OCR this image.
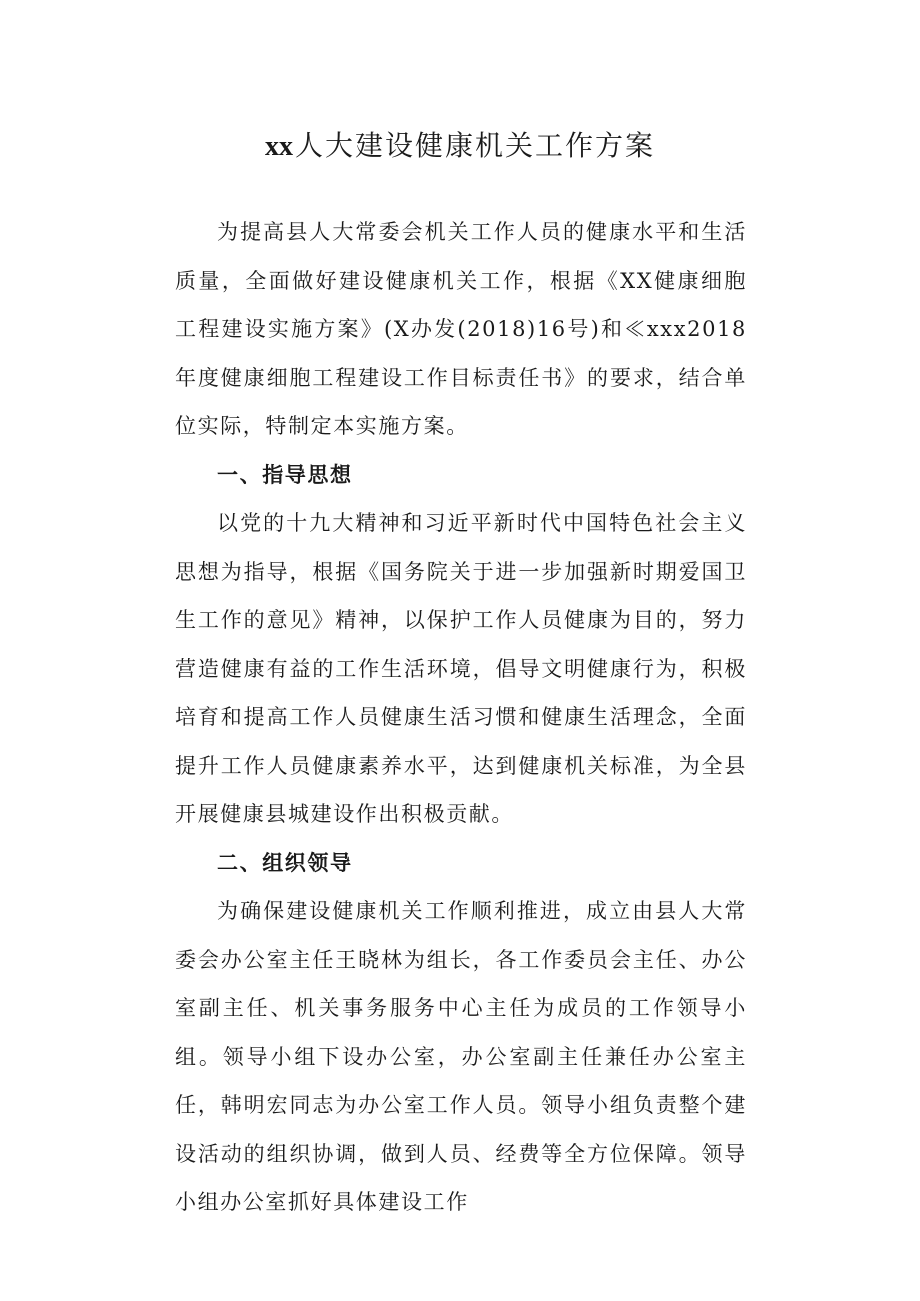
xx人大建设健康机关工作方案

为提高县人大常委会机关工作人员的健康水平和生活质量，全面做好建设健康机关工作，根据《XX健康细胞工程建设实施方案》(X办发(2018)16号)和≪xxx2018年度健康细胞工程建设工作目标责任书》的要求，结合单位实际，特制定本实施方案。

一、指导思想

以党的十九大精神和习近平新时代中国特色社会主义思想为指导，根据《国务院关于进一步加强新时期爱国卫生工作的意见》精神，以保护工作人员健康为目的，努力营造健康有益的工作生活环境，倡导文明健康行为，积极培育和提高工作人员健康生活习惯和健康生活理念，全面提升工作人员健康素养水平，达到健康机关标准，为全县开展健康县城建设作出积极贡献。

二、组织领导

为确保建设健康机关工作顺利推进，成立由县人大常委会办公室主任王晓林为组长，各工作委员会主任、办公室副主任、机关事务服务中心主任为成员的工作领导小组。领导小组下设办公室，办公室副主任兼任办公室主任，韩明宏同志为办公室工作人员。领导小组负责整个建设活动的组织协调，做到人员、经费等全方位保障。领导小组办公室抓好具体建设工作
